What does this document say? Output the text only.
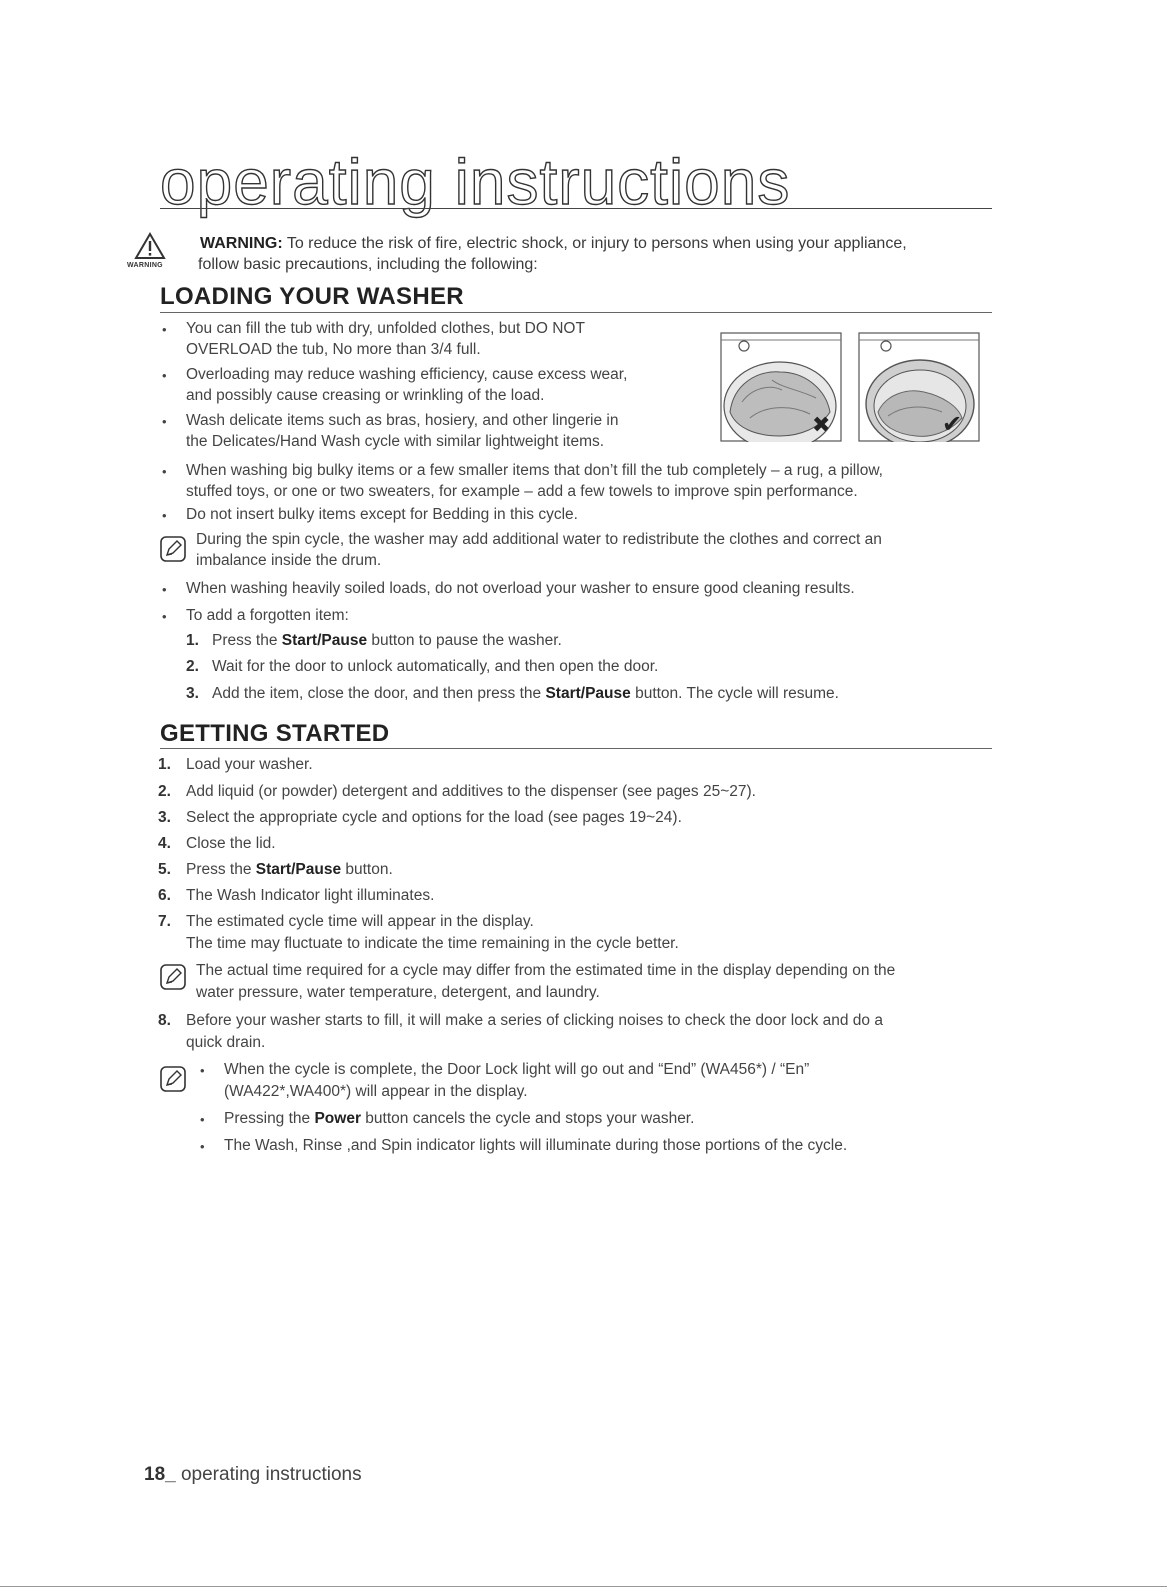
operating instructions
WARNING
WARNING: To reduce the risk of fire, electric shock, or injury to persons when using your appliance,
follow basic precautions, including the following:
LOADING YOUR WASHER
• You can fill the tub with dry, unfolded clothes, but DO NOT
OVERLOAD the tub, No more than 3/4 full.
• Overloading may reduce washing efficiency, cause excess wear,
and possibly cause creasing or wrinkling of the load.
• Wash delicate items such as bras, hosiery, and other lingerie in
the Delicates/Hand Wash cycle with similar lightweight items.
✖	✔
• When washing big bulky items or a few smaller items that don’t fill the tub completely – a rug, a pillow,
stuffed toys, or one or two sweaters, for example – add a few towels to improve spin performance.
• Do not insert bulky items except for Bedding in this cycle.
During the spin cycle, the washer may add additional water to redistribute the clothes and correct an
imbalance inside the drum.
• When washing heavily soiled loads, do not overload your washer to ensure good cleaning results.
• To add a forgotten item:
1. Press the Start/Pause button to pause the washer.
2. Wait for the door to unlock automatically, and then open the door.
3. Add the item, close the door, and then press the Start/Pause button. The cycle will resume.
GETTING STARTED
1. Load your washer.
2. Add liquid (or powder) detergent and additives to the dispenser (see pages 25~27).
3. Select the appropriate cycle and options for the load (see pages 19~24).
4. Close the lid.
5. Press the Start/Pause button.
6. The Wash Indicator light illuminates.
7. The estimated cycle time will appear in the display.
The time may fluctuate to indicate the time remaining in the cycle better.
The actual time required for a cycle may differ from the estimated time in the display depending on the
water pressure, water temperature, detergent, and laundry.
8. Before your washer starts to fill, it will make a series of clicking noises to check the door lock and do a
quick drain.
• When the cycle is complete, the Door Lock light will go out and “End” (WA456*) / “En”
(WA422*,WA400*) will appear in the display.
• Pressing the Power button cancels the cycle and stops your washer.
• The Wash, Rinse ,and Spin indicator lights will illuminate during those portions of the cycle.
18_ operating instructions
